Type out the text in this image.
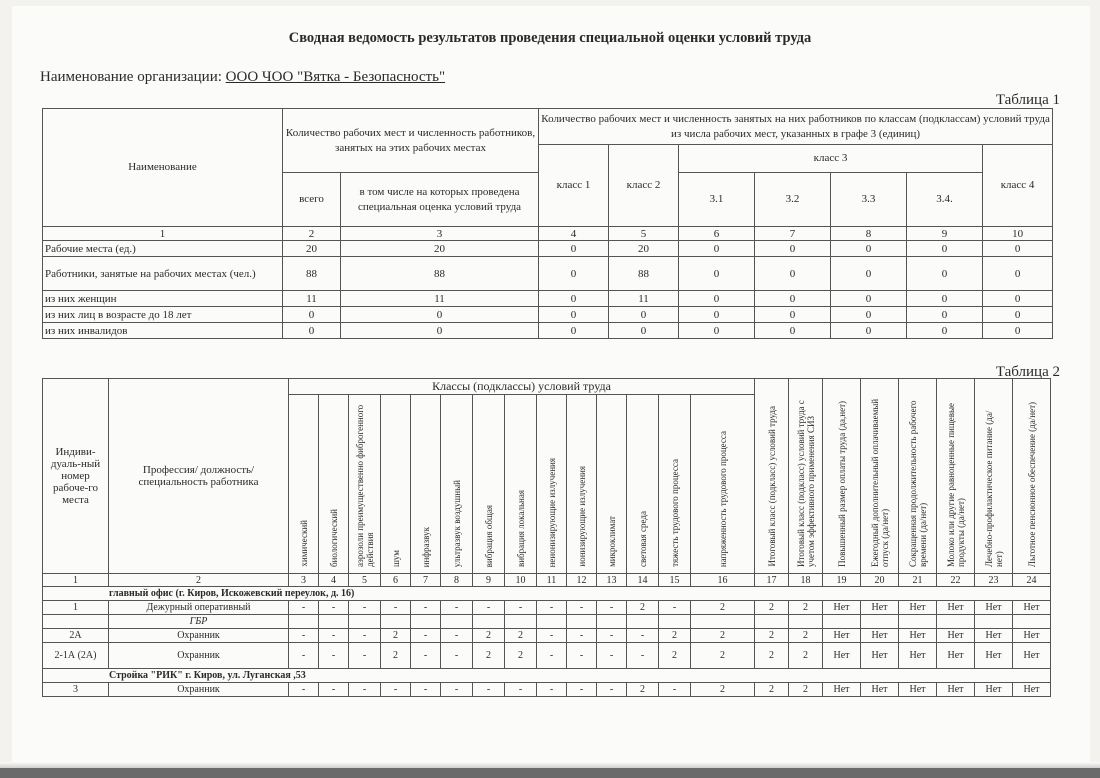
Сводная ведомость результатов проведения специальной оценки условий труда
Наименование организации: ООО ЧОО "Вятка - Безопасность"
Таблица 1
Наименование	Количество рабочих мест и численность работников, занятых на этих рабочих местах		Количество рабочих мест и численность занятых на них работников по классам (подклассам) условий труда из числа рабочих мест, указанных в графе 3 (единиц)						
			класс 1	класс 2	класс 3				класс 4
	всего	в том числе на которых проведена специальная оценка условий труда			3.1	3.2	3.3	3.4.	
1	2	3	4	5	6	7	8	9	10
Рабочие места (ед.)	20	20	0	20	0	0	0	0	0
Работники, занятые на рабочих местах (чел.)	88	88	0	88	0	0	0	0	0
из них женщин	11	11	0	11	0	0	0	0	0
из них лиц в возрасте до 18 лет	0	0	0	0	0	0	0	0	0
из них инвалидов	0	0	0	0	0	0	0	0	0
Таблица 2
Индиви-дуаль-ный номер рабоче-го места	Профессия/ должность/ специальность работника	Классы (подклассы) условий труда														Итоговый класс (подкласс) условий труда	Итоговый класс (подкласс) условий труда с учетом эффективного применения СИЗ	Повышенный размер оплаты труда (да,нет)	Ежегодный дополнительный оплачиваемый отпуск (да/нет)	Сокращенная продолжительность рабочего времени (да/нет)	Молоко или другие равноценные пищевые продукты (да/нет)	Лечебно-профилактическое питание (да/нет)	Льготное пенсионное обеспечение (да/нет)
		химический	биологический	аэрозоли преимущественно фиброгенного действия	шум	инфразвук	ультразвук воздушный	вибрация общая	вибрация локальная	неионизирующие излучения	ионизирующие излучения	микроклимат	световая среда	тяжесть трудового процесса	напряженность трудового процесса								
1	2	3	4	5	6	7	8	9	10	11	12	13	14	15	16	17	18	19	20	21	22	23	24
главный офис (г. Киров, Искожевский переулок, д. 16)																							
1	Дежурный оперативный	-	-	-	-	-	-	-	-	-	-	-	2	-	2	2	2	Нет	Нет	Нет	Нет	Нет	Нет
	ГБР																						
2А	Охранник	-	-	-	2	-	-	2	2	-	-	-	-	2	2	2	2	Нет	Нет	Нет	Нет	Нет	Нет
2-1А (2А)	Охранник	-	-	-	2	-	-	2	2	-	-	-	-	2	2	2	2	Нет	Нет	Нет	Нет	Нет	Нет
Стройка "РИК" г. Киров, ул. Луганская ,53																							
3	Охранник	-	-	-	-	-	-	-	-	-	-	-	2	-	2	2	2	Нет	Нет	Нет	Нет	Нет	Нет
